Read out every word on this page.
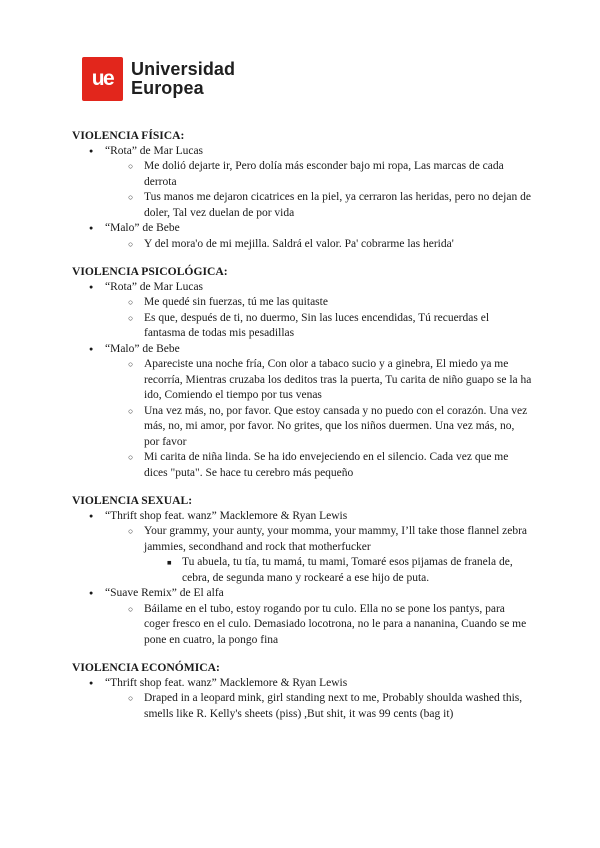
ue Universidad
Europea
VIOLENCIA FÍSICA:
● “Rota” de Mar Lucas
○ Me dolió dejarte ir, Pero dolía más esconder bajo mi ropa, Las marcas de cada derrota
○ Tus manos me dejaron cicatrices en la piel, ya cerraron las heridas, pero no dejan de doler, Tal vez duelan de por vida
● “Malo” de Bebe
○ Y del mora'o de mi mejilla. Saldrá el valor. Pa' cobrarme las herida'
VIOLENCIA PSICOLÓGICA:
● “Rota” de Mar Lucas
○ Me quedé sin fuerzas, tú me las quitaste
○ Es que, después de ti, no duermo, Sin las luces encendidas, Tú recuerdas el fantasma de todas mis pesadillas
● “Malo” de Bebe
○ Apareciste una noche fría, Con olor a tabaco sucio y a ginebra, El miedo ya me recorría, Mientras cruzaba los deditos tras la puerta, Tu carita de niño guapo se la ha ido, Comiendo el tiempo por tus venas
○ Una vez más, no, por favor. Que estoy cansada y no puedo con el corazón. Una vez más, no, mi amor, por favor. No grites, que los niños duermen. Una vez más, no, por favor
○ Mi carita de niña linda. Se ha ido envejeciendo en el silencio. Cada vez que me dices "puta". Se hace tu cerebro más pequeño
VIOLENCIA SEXUAL:
● “Thrift shop feat. wanz” Macklemore & Ryan Lewis
○ Your grammy, your aunty, your momma, your mammy, I’ll take those flannel zebra jammies, secondhand and rock that motherfucker
■ Tu abuela, tu tía, tu mamá, tu mami, Tomaré esos pijamas de franela de, cebra, de segunda mano y rockearé a ese hijo de puta.
● “Suave Remix” de El alfa
○ Báilame en el tubo, estoy rogando por tu culo. Ella no se pone los pantys, para coger fresco en el culo. Demasiado locotrona, no le para a nananina, Cuando se me pone en cuatro, la pongo fina
VIOLENCIA ECONÓMICA:
● “Thrift shop feat. wanz” Macklemore & Ryan Lewis
○ Draped in a leopard mink, girl standing next to me, Probably shoulda washed this, smells like R. Kelly's sheets (piss) ,But shit, it was 99 cents (bag it)
